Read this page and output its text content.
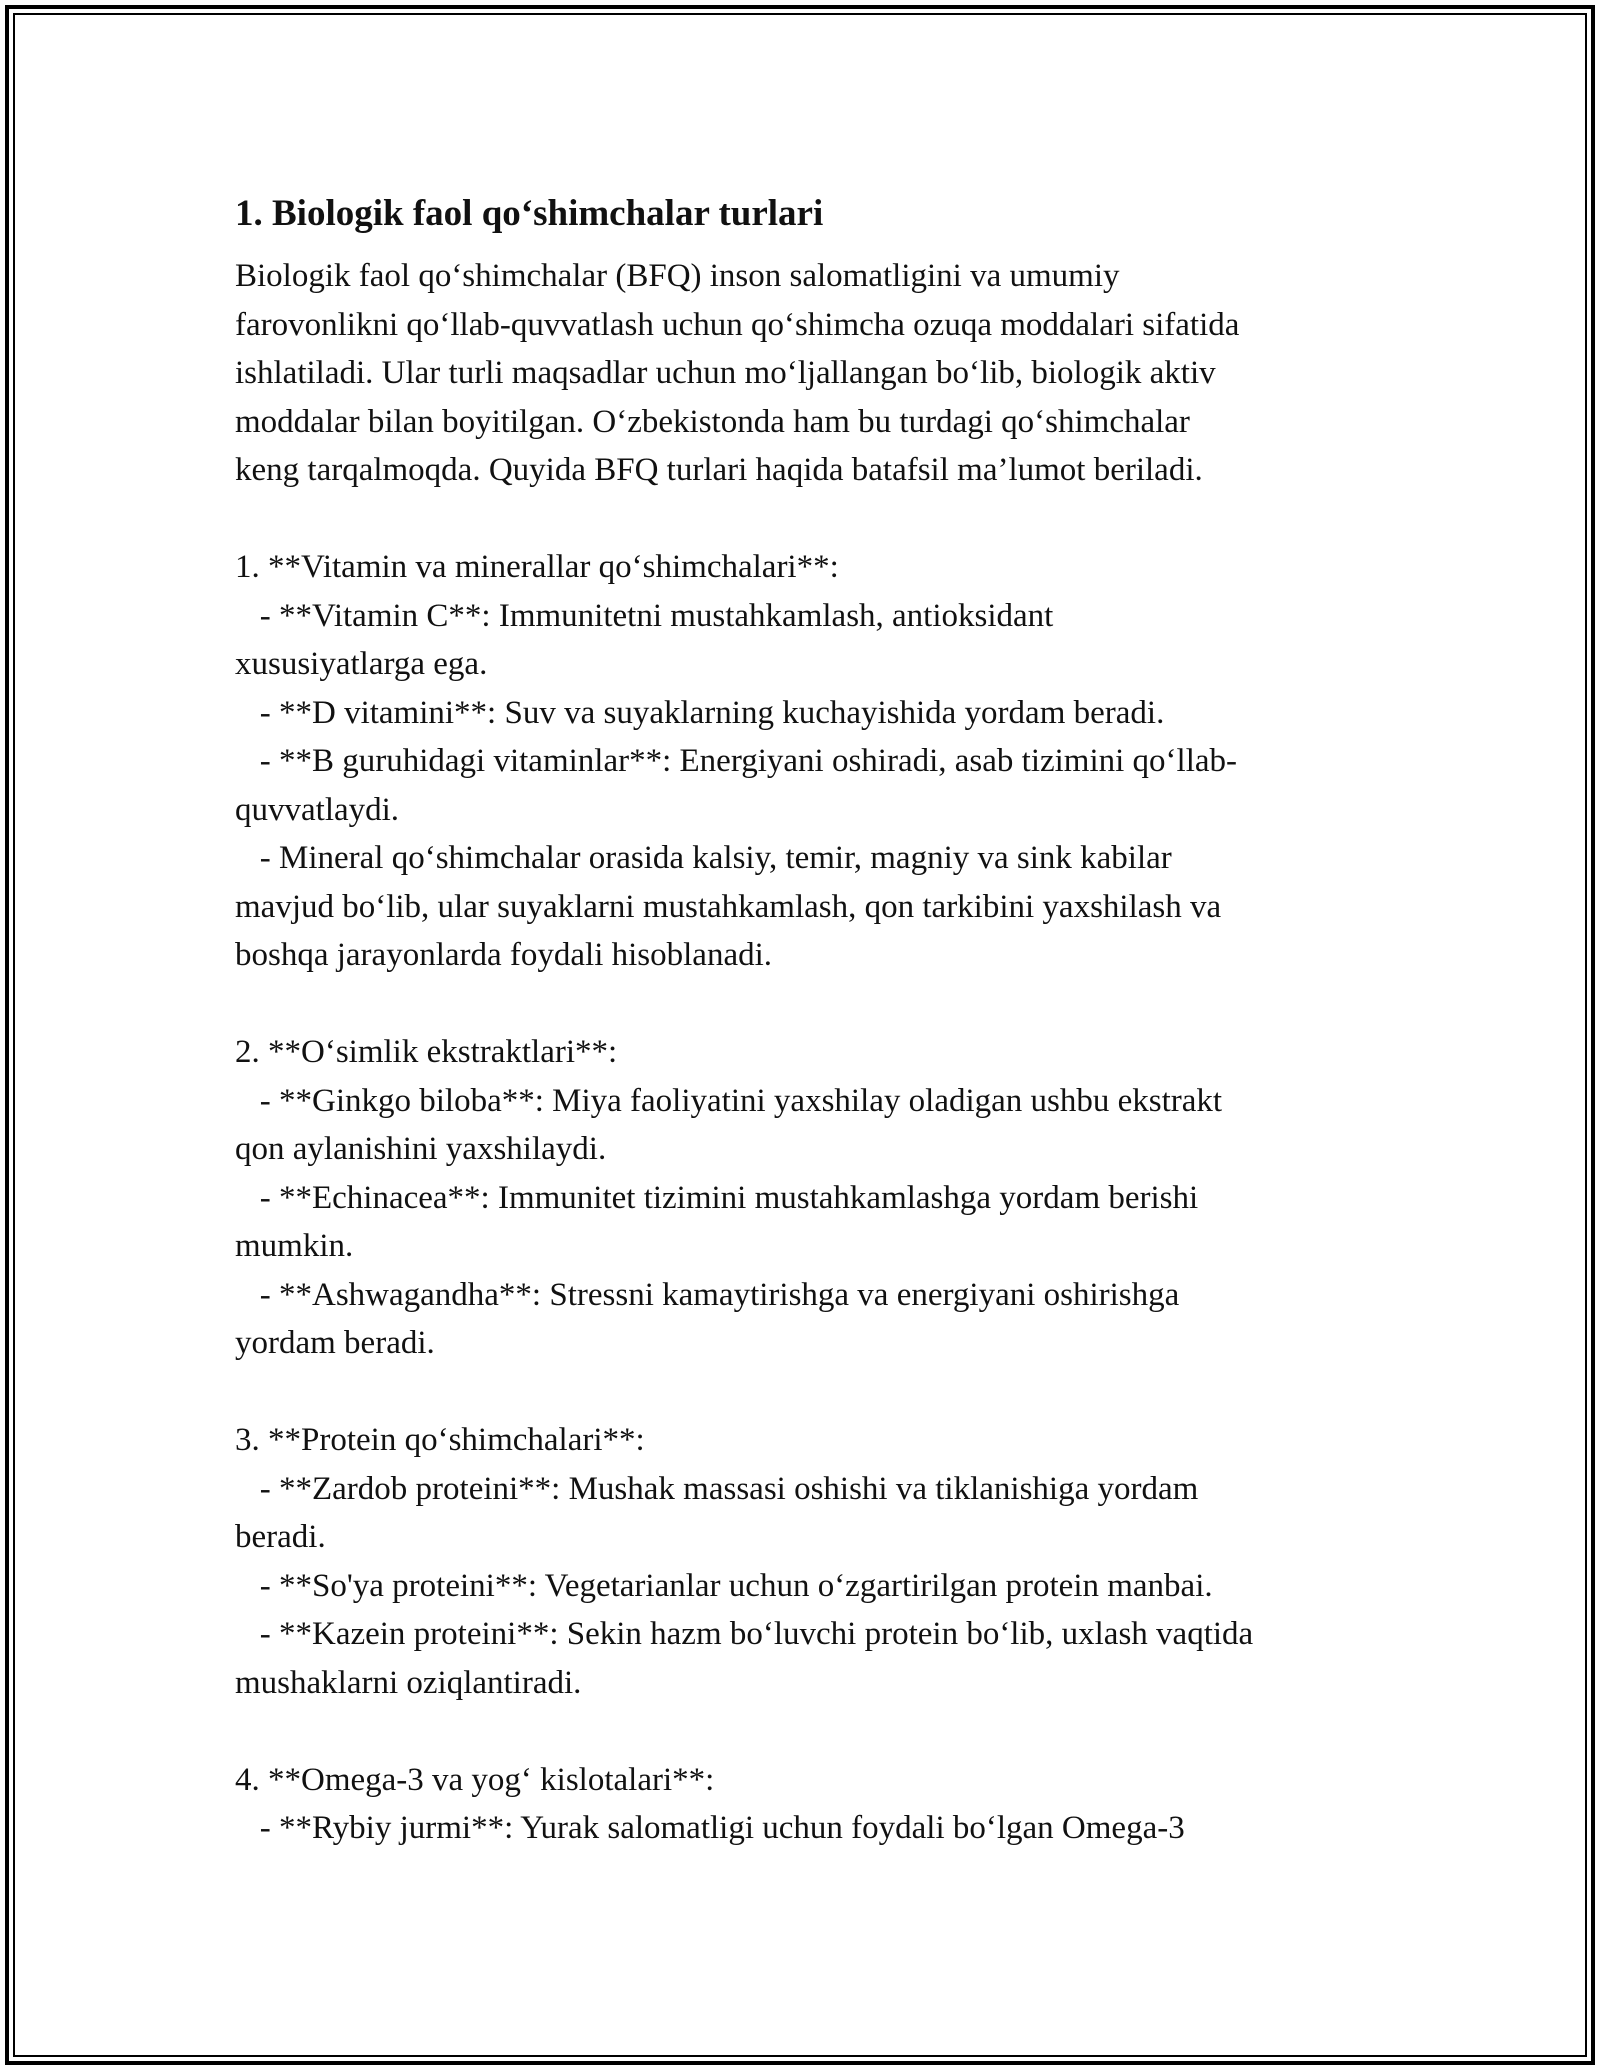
1. Biologik faol qo‘shimchalar turlari

Biologik faol qo‘shimchalar (BFQ) inson salomatligini va umumiy

farovonlikni qo‘llab-quvvatlash uchun qo‘shimcha ozuqa moddalari sifatida

ishlatiladi. Ular turli maqsadlar uchun mo‘ljallangan bo‘lib, biologik aktiv

moddalar bilan boyitilgan. O‘zbekistonda ham bu turdagi qo‘shimchalar

keng tarqalmoqda. Quyida BFQ turlari haqida batafsil ma’lumot beriladi.

1. **Vitamin va minerallar qo‘shimchalari**:

- **Vitamin C**: Immunitetni mustahkamlash, antioksidant

xususiyatlarga ega.

- **D vitamini**: Suv va suyaklarning kuchayishida yordam beradi.

- **B guruhidagi vitaminlar**: Energiyani oshiradi, asab tizimini qo‘llab-

quvvatlaydi.

- Mineral qo‘shimchalar orasida kalsiy, temir, magniy va sink kabilar

mavjud bo‘lib, ular suyaklarni mustahkamlash, qon tarkibini yaxshilash va

boshqa jarayonlarda foydali hisoblanadi.

2. **O‘simlik ekstraktlari**:

- **Ginkgo biloba**: Miya faoliyatini yaxshilay oladigan ushbu ekstrakt

qon aylanishini yaxshilaydi.

- **Echinacea**: Immunitet tizimini mustahkamlashga yordam berishi

mumkin.

- **Ashwagandha**: Stressni kamaytirishga va energiyani oshirishga

yordam beradi.

3. **Protein qo‘shimchalari**:

- **Zardob proteini**: Mushak massasi oshishi va tiklanishiga yordam

beradi.

- **So'ya proteini**: Vegetarianlar uchun o‘zgartirilgan protein manbai.

- **Kazein proteini**: Sekin hazm bo‘luvchi protein bo‘lib, uxlash vaqtida

mushaklarni oziqlantiradi.

4. **Omega-3 va yog‘ kislotalari**:

- **Rybiy jurmi**: Yurak salomatligi uchun foydali bo‘lgan Omega-3
